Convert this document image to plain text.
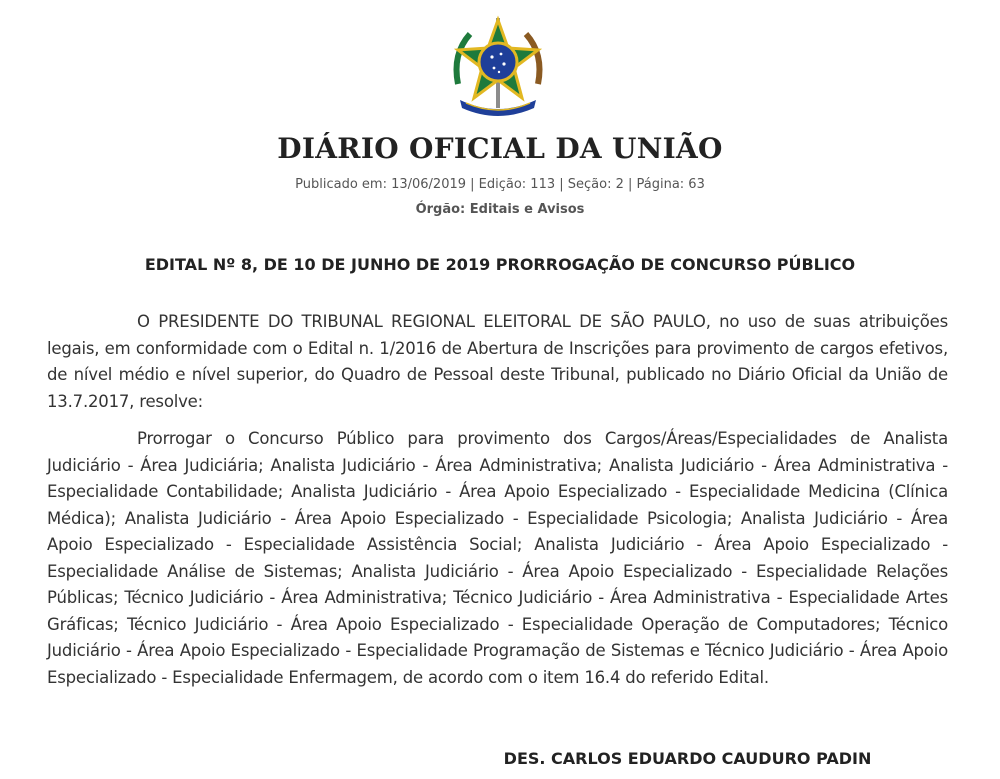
DIÁRIO OFICIAL DA UNIÃO
Publicado em: 13/06/2019 | Edição: 113 | Seção: 2 | Página: 63
Órgão: Editais e Avisos
EDITAL Nº 8, DE 10 DE JUNHO DE 2019 PRORROGAÇÃO DE CONCURSO PÚBLICO

O PRESIDENTE DO TRIBUNAL REGIONAL ELEITORAL DE SÃO PAULO, no uso de suas atribuições legais, em conformidade com o Edital n. 1/2016 de Abertura de Inscrições para provimento de cargos efetivos, de nível médio e nível superior, do Quadro de Pessoal deste Tribunal, publicado no Diário Oficial da União de 13.7.2017, resolve:

Prorrogar o Concurso Público para provimento dos Cargos/Áreas/Especialidades de Analista Judiciário - Área Judiciária; Analista Judiciário - Área Administrativa; Analista Judiciário - Área Administrativa - Especialidade Contabilidade; Analista Judiciário - Área Apoio Especializado - Especialidade Medicina (Clínica Médica); Analista Judiciário - Área Apoio Especializado - Especialidade Psicologia; Analista Judiciário - Área Apoio Especializado - Especialidade Assistência Social; Analista Judiciário - Área Apoio Especializado - Especialidade Análise de Sistemas; Analista Judiciário - Área Apoio Especializado - Especialidade Relações Públicas; Técnico Judiciário - Área Administrativa; Técnico Judiciário - Área Administrativa - Especialidade Artes Gráficas; Técnico Judiciário - Área Apoio Especializado - Especialidade Operação de Computadores; Técnico Judiciário - Área Apoio Especializado - Especialidade Programação de Sistemas e Técnico Judiciário - Área Apoio Especializado - Especialidade Enfermagem, de acordo com o item 16.4 do referido Edital.

DES. CARLOS EDUARDO CAUDURO PADIN
